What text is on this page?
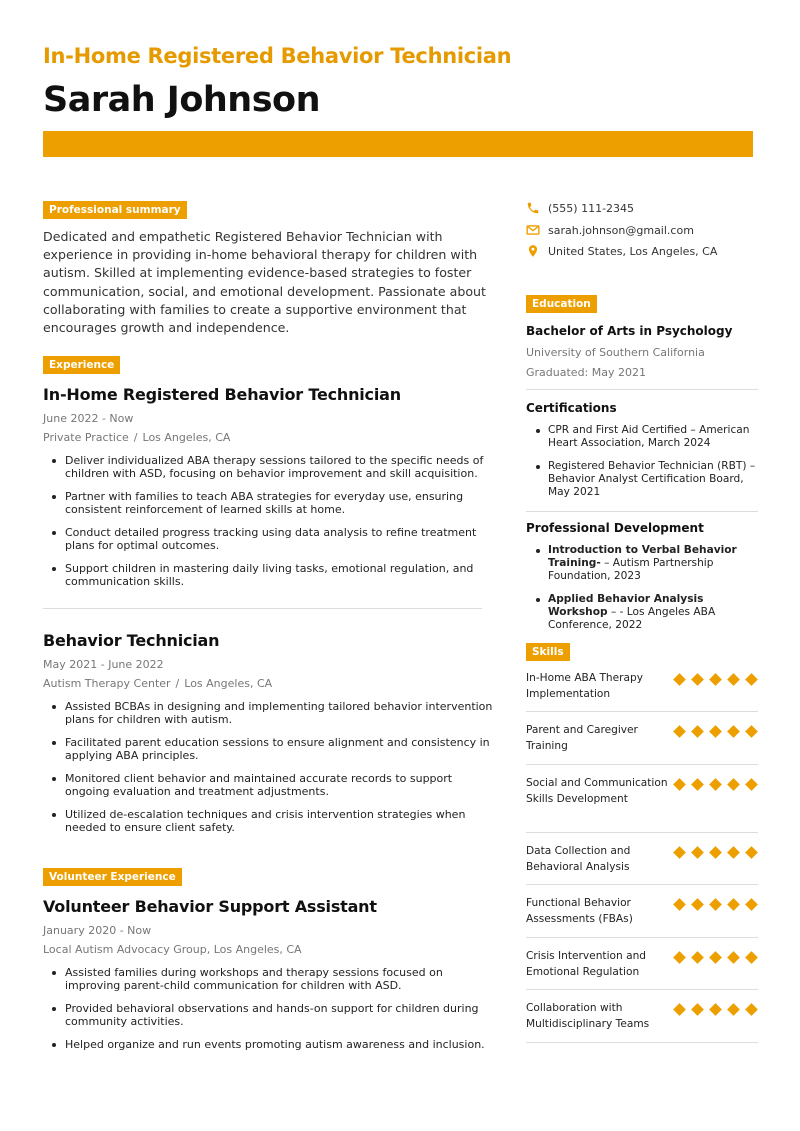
In-Home Registered Behavior Technician
Sarah Johnson
Professional summary
Dedicated and empathetic Registered Behavior Technician with experience in providing in-home behavioral therapy for children with autism. Skilled at implementing evidence-based strategies to foster communication, social, and emotional development. Passionate about collaborating with families to create a supportive environment that encourages growth and independence.
Experience
In-Home Registered Behavior Technician
June 2022 - Now
Private Practice / Los Angeles, CA
Deliver individualized ABA therapy sessions tailored to the specific needs of children with ASD, focusing on behavior improvement and skill acquisition.
Partner with families to teach ABA strategies for everyday use, ensuring consistent reinforcement of learned skills at home.
Conduct detailed progress tracking using data analysis to refine treatment plans for optimal outcomes.
Support children in mastering daily living tasks, emotional regulation, and communication skills.
Behavior Technician
May 2021 - June 2022
Autism Therapy Center / Los Angeles, CA
Assisted BCBAs in designing and implementing tailored behavior intervention plans for children with autism.
Facilitated parent education sessions to ensure alignment and consistency in applying ABA principles.
Monitored client behavior and maintained accurate records to support ongoing evaluation and treatment adjustments.
Utilized de-escalation techniques and crisis intervention strategies when needed to ensure client safety.
Volunteer Experience
Volunteer Behavior Support Assistant
January 2020 - Now
Local Autism Advocacy Group, Los Angeles, CA
Assisted families during workshops and therapy sessions focused on improving parent-child communication for children with ASD.
Provided behavioral observations and hands-on support for children during community activities.
Helped organize and run events promoting autism awareness and inclusion.
(555) 111-2345
sarah.johnson@gmail.com
United States, Los Angeles, CA
Education
Bachelor of Arts in Psychology
University of Southern California
Graduated: May 2021
Certifications
CPR and First Aid Certified – American Heart Association, March 2024
Registered Behavior Technician (RBT) – Behavior Analyst Certification Board, May 2021
Professional Development
Introduction to Verbal Behavior Training- – Autism Partnership Foundation, 2023
Applied Behavior Analysis Workshop – - Los Angeles ABA Conference, 2022
Skills
In-Home ABA Therapy Implementation
Parent and Caregiver Training
Social and Communication Skills Development
Data Collection and Behavioral Analysis
Functional Behavior Assessments (FBAs)
Crisis Intervention and Emotional Regulation
Collaboration with Multidisciplinary Teams
